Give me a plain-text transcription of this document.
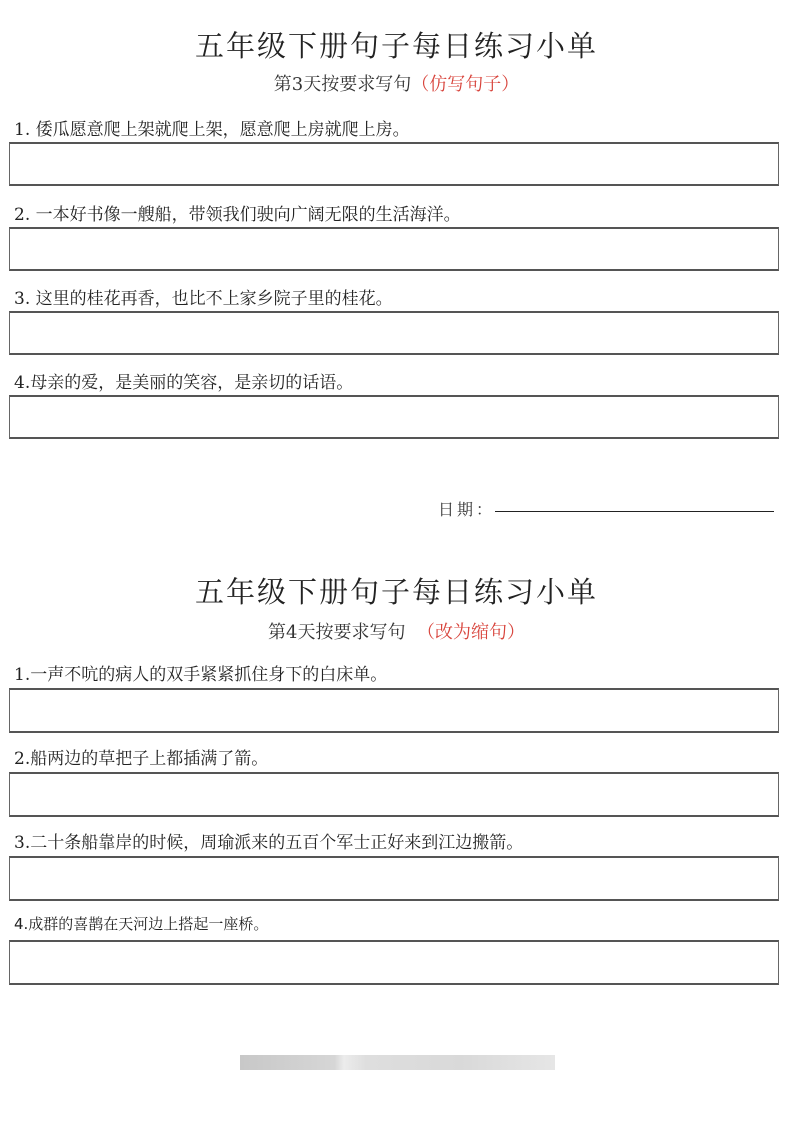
五年级下册句子每日练习小单
第3天按要求写句（仿写句子）
1. 倭瓜愿意爬上架就爬上架，愿意爬上房就爬上房。
2. 一本好书像一艘船，带领我们驶向广阔无限的生活海洋。
3. 这里的桂花再香，也比不上家乡院子里的桂花。
4.母亲的爱，是美丽的笑容，是亲切的话语。
日期：
五年级下册句子每日练习小单
第4天按要求写句 （改为缩句）
1.一声不吭的病人的双手紧紧抓住身下的白床单。
2.船两边的草把子上都插满了箭。
3.二十条船靠岸的时候，周瑜派来的五百个军士正好来到江边搬箭。
4.成群的喜鹊在天河边上搭起一座桥。
